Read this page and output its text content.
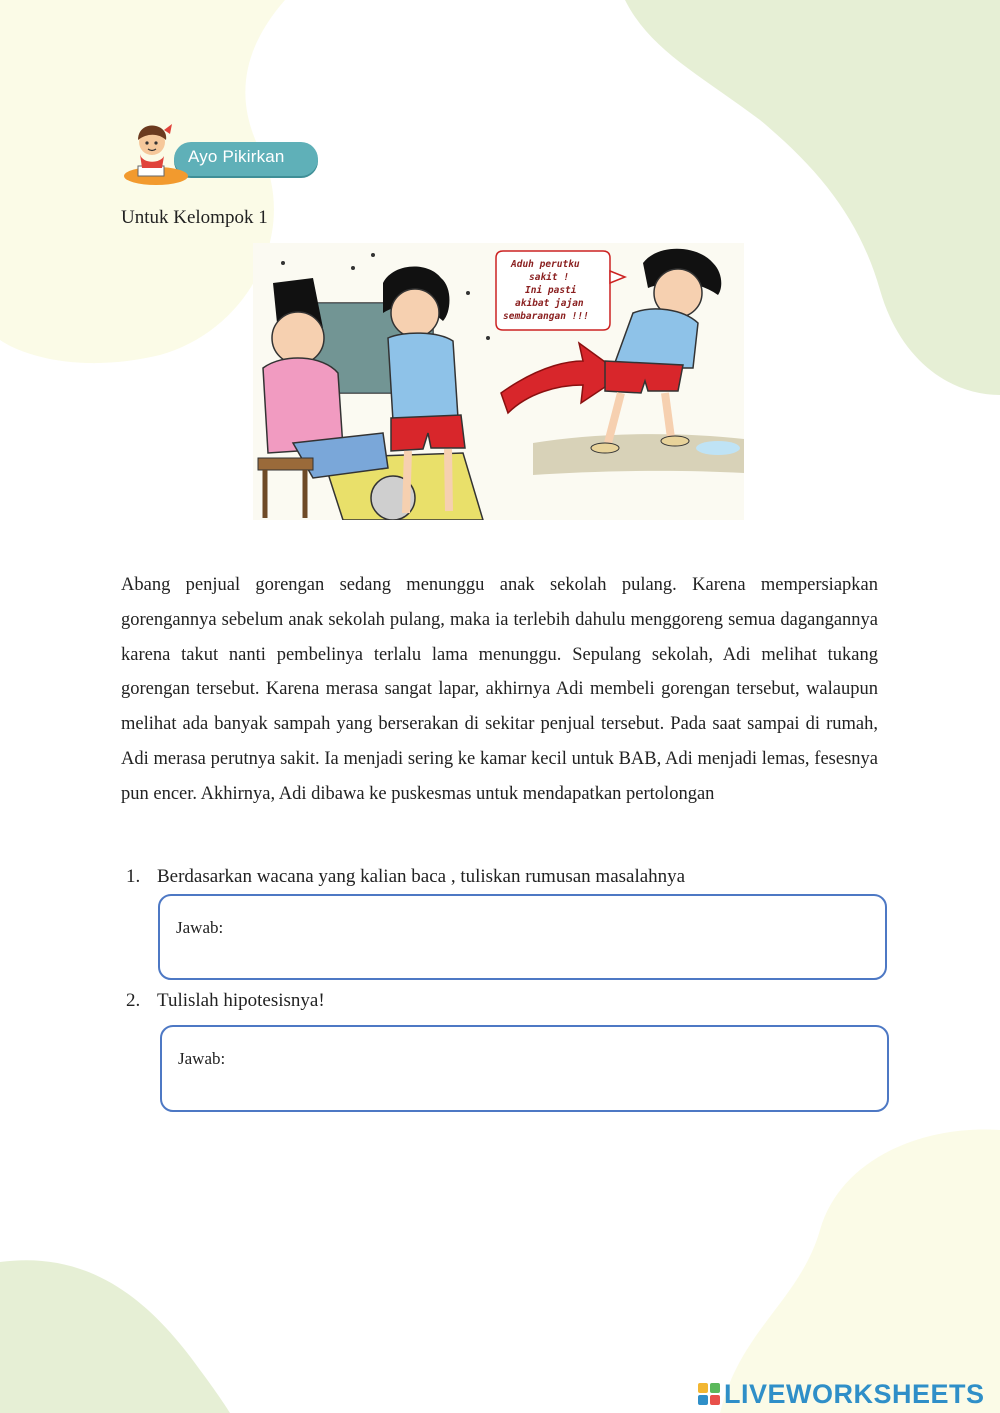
Ayo Pikirkan
Untuk Kelompok 1
Aduh perutku
sakit !
Ini pasti
akibat jajan
sembarangan !!!

Abang penjual gorengan sedang menunggu anak sekolah pulang. Karena mempersiapkan gorengannya sebelum anak sekolah pulang, maka ia terlebih dahulu menggoreng semua dagangannya karena takut nanti pembelinya terlalu lama menunggu. Sepulang sekolah, Adi melihat tukang gorengan tersebut. Karena merasa sangat lapar, akhirnya Adi membeli gorengan tersebut, walaupun melihat ada banyak sampah yang berserakan di sekitar penjual tersebut. Pada saat sampai di rumah, Adi merasa perutnya sakit. Ia menjadi sering ke kamar kecil untuk BAB, Adi menjadi lemas, fesesnya pun encer. Akhirnya, Adi dibawa ke puskesmas untuk mendapatkan pertolongan

1. Berdasarkan wacana yang kalian baca , tuliskan rumusan masalahnya
Jawab:
2. Tulislah hipotesisnya!
Jawab:
LIVEWORKSHEETS
